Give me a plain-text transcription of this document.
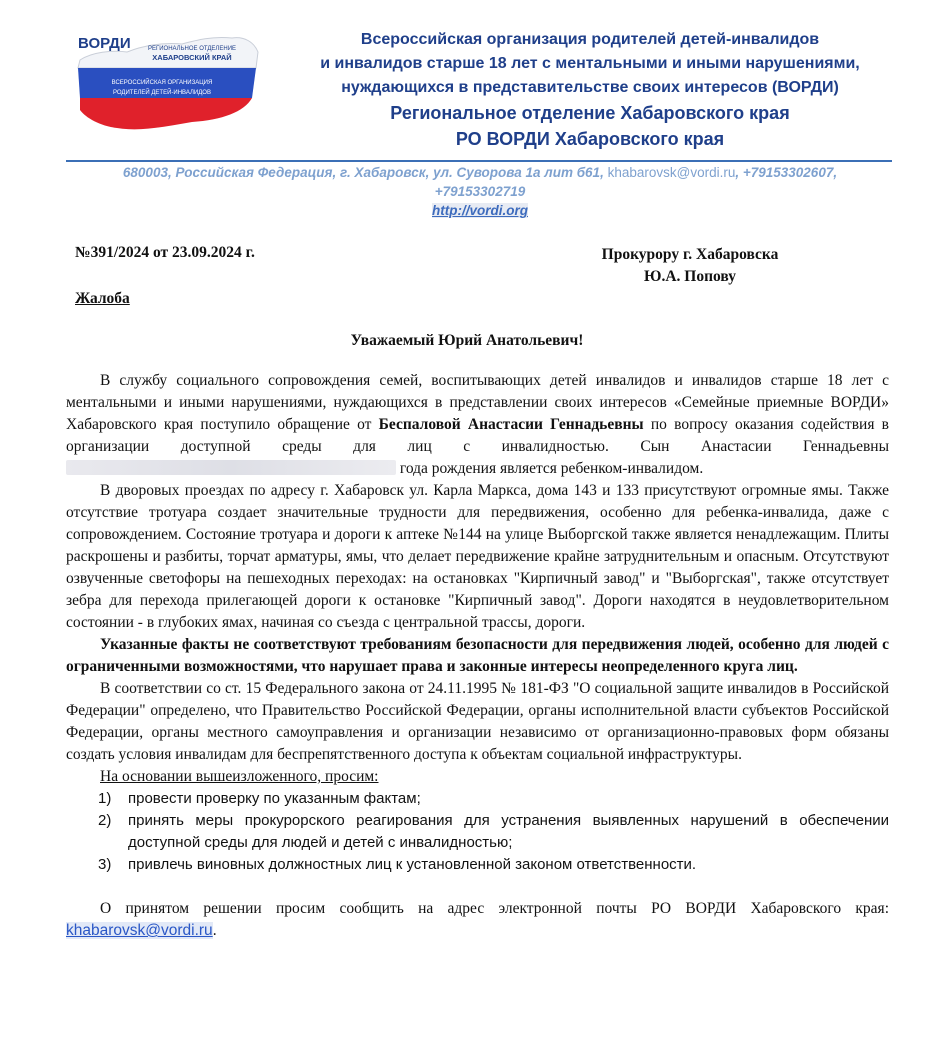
ВОРДИ	РЕГИОНАЛЬНОЕ ОТДЕЛЕНИЕ
ХАБАРОВСКИЙ КРАЙ
ВСЕРОССИЙСКАЯ ОРГАНИЗАЦИЯ
РОДИТЕЛЕЙ ДЕТЕЙ-ИНВАЛИДОВ
Всероссийская организация родителей детей-инвалидов
и инвалидов старше 18 лет с ментальными и иными нарушениями,
нуждающихся в представительстве своих интересов (ВОРДИ)
Региональное отделение Хабаровского края
РО ВОРДИ Хабаровского края
680003, Российская Федерация, г. Хабаровск, ул. Суворова 1а лит б61, khabarovsk@vordi.ru, +79153302607,
+79153302719
http://vordi.org
№391/2024 от 23.09.2024 г.	Прокурору г. Хабаровска
Ю.А. Попову
Жалоба
Уважаемый Юрий Анатольевич!

В службу социального сопровождения семей, воспитывающих детей инвалидов и инвалидов старше 18 лет с ментальными и иными нарушениями, нуждающихся в представлении своих интересов «Семейные приемные ВОРДИ» Хабаровского края поступило обращение от Беспаловой Анастасии Геннадьевны по вопросу оказания содействия в организации доступной среды для лиц с инвалидностью. Сын Анастасии Геннадьевны  года рождения является ребенком-инвалидом.

В дворовых проездах по адресу г. Хабаровск ул. Карла Маркса, дома 143 и 133 присутствуют огромные ямы. Также отсутствие тротуара создает значительные трудности для передвижения, особенно для ребенка-инвалида, даже с сопровождением. Состояние тротуара и дороги к аптеке №144 на улице Выборгской также является ненадлежащим. Плиты раскрошены и разбиты, торчат арматуры, ямы, что делает передвижение крайне затруднительным и опасным. Отсутствуют озвученные светофоры на пешеходных переходах: на остановках "Кирпичный завод" и "Выборгская", также отсутствует зебра для перехода прилегающей дороги к остановке "Кирпичный завод". Дороги находятся в неудовлетворительном состоянии - в глубоких ямах, начиная со съезда с центральной трассы, дороги.

Указанные факты не соответствуют требованиям безопасности для передвижения людей, особенно для людей с ограниченными возможностями, что нарушает права и законные интересы неопределенного круга лиц.

В соответствии со ст. 15 Федерального закона от 24.11.1995 № 181-ФЗ "О социальной защите инвалидов в Российской Федерации" определено, что Правительство Российской Федерации, органы исполнительной власти субъектов Российской Федерации, органы местного самоуправления и организации независимо от организационно-правовых форм обязаны создать условия инвалидам для беспрепятственного доступа к объектам социальной инфраструктуры.

На основании вышеизложенного, просим:
1) провести проверку по указанным фактам;
2) принять меры прокурорского реагирования для устранения выявленных нарушений в обеспечении доступной среды для людей и детей с инвалидностью;
3) привлечь виновных должностных лиц к установленной законом ответственности.

О принятом решении просим сообщить на адрес электронной почты РО ВОРДИ Хабаровского края: khabarovsk@vordi.ru.
